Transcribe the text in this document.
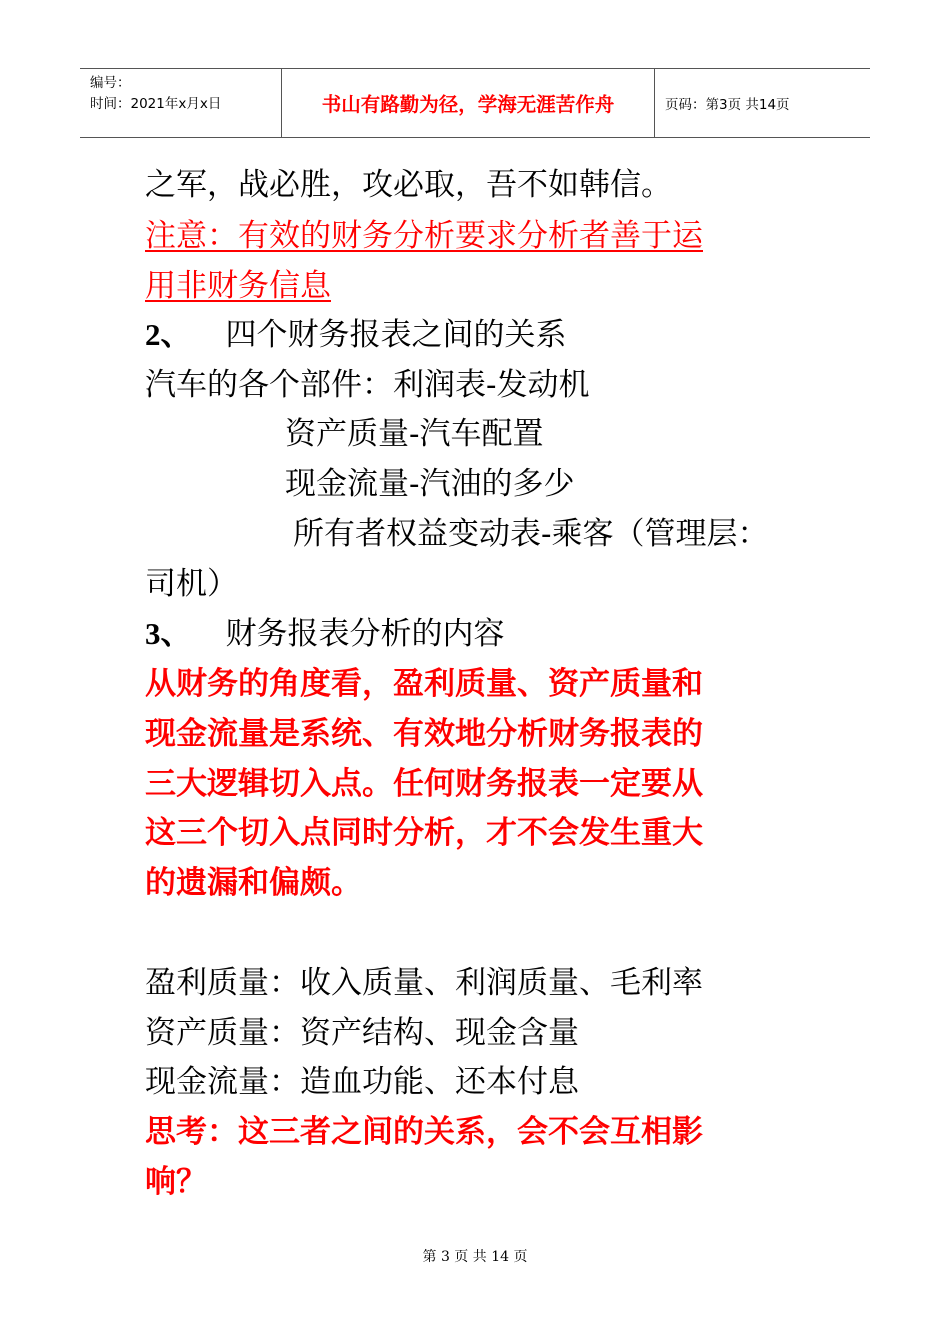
编号：
时间：2021年x月x日	书山有路勤为径，学海无涯苦作舟	页码：第3页 共14页
之军，战必胜，攻必取，吾不如韩信。
注意：有效的财务分析要求分析者善于运
用非财务信息
2、 四个财务报表之间的关系
汽车的各个部件：利润表-发动机
资产质量-汽车配置
现金流量-汽油的多少
所有者权益变动表-乘客（管理层：
司机）
3、 财务报表分析的内容
从财务的角度看，盈利质量、资产质量和
现金流量是系统、有效地分析财务报表的
三大逻辑切入点。任何财务报表一定要从
这三个切入点同时分析，才不会发生重大
的遗漏和偏颇。
盈利质量：收入质量、利润质量、毛利率
资产质量：资产结构、现金含量
现金流量：造血功能、还本付息
思考：这三者之间的关系，会不会互相影
响？
第 3 页 共 14 页
